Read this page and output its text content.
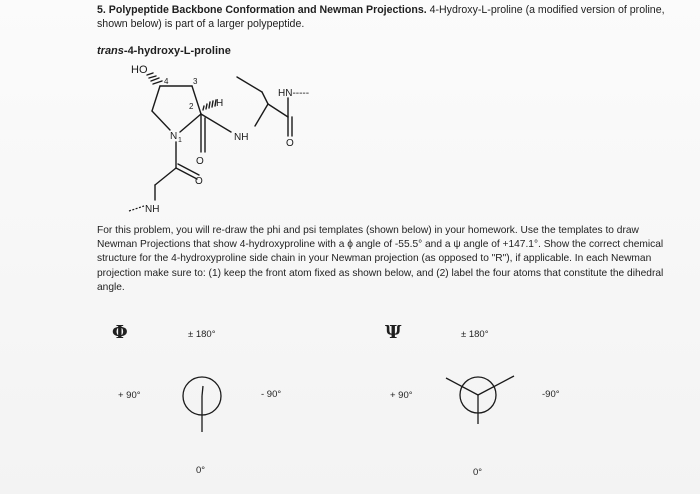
5. Polypeptide Backbone Conformation and Newman Projections. 4-Hydroxy-L-proline (a modified version of proline, shown below) is part of a larger polypeptide.
trans-4-hydroxy-L-proline
HO
4	3
2 H
N 1	NH
HN-----
O
O
O
NH
For this problem, you will re-draw the phi and psi templates (shown below) in your homework. Use the templates to draw Newman Projections that show 4-hydroxyproline with a ϕ angle of -55.5° and a ψ angle of +147.1°. Show the correct chemical structure for the 4-hydroxyproline side chain in your Newman projection (as opposed to "R"), if applicable. In each Newman projection make sure to: (1) keep the front atom fixed as shown below, and (2) label the four atoms that constitute the dihedral angle.
Φ	± 180°
+ 90°	- 90°
0°
Ψ	± 180°
+ 90°	-90°
0°
